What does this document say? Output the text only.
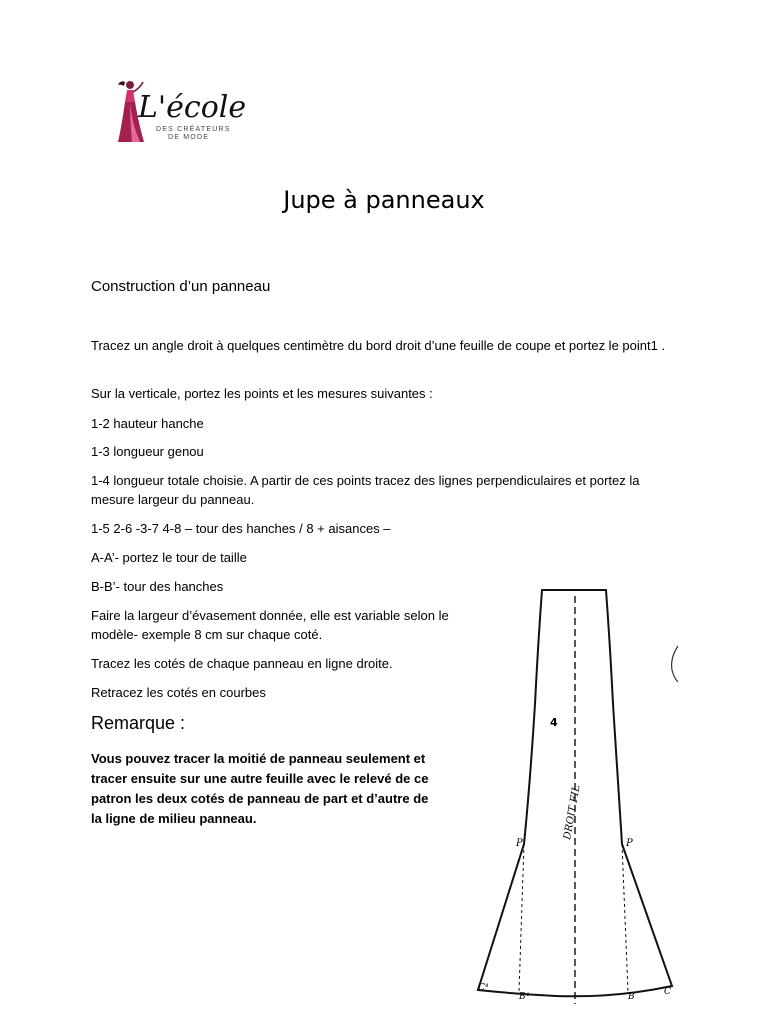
L'école
DES CRÉATEURS
DE MODE
Jupe à panneaux
Construction d’un panneau

Tracez un angle droit à quelques centimètre du bord droit d’une feuille de coupe et portez le point1 .

Sur la verticale, portez les points et les mesures suivantes :

1-2 hauteur hanche

1-3 longueur genou

1-4 longueur totale choisie. A partir de ces points tracez des lignes perpendiculaires et portez la mesure largeur du panneau.

1-5 2-6 -3-7 4-8 – tour des hanches / 8 + aisances –

A-A’- portez le tour de taille

B-B’- tour des hanches

Faire la largeur d’évasement donnée, elle est variable selon le modèle- exemple 8 cm sur chaque coté.

Tracez les cotés de chaque panneau en ligne droite.

Retracez les cotés en courbes

Remarque :

Vous pouvez tracer la moitié de panneau seulement et tracer ensuite sur une autre feuille avec le relevé de ce patron les deux cotés de panneau de part et d’autre de la ligne de milieu panneau.

4
DROIT FIL
P	P
C⁴
B⁴	B	C
